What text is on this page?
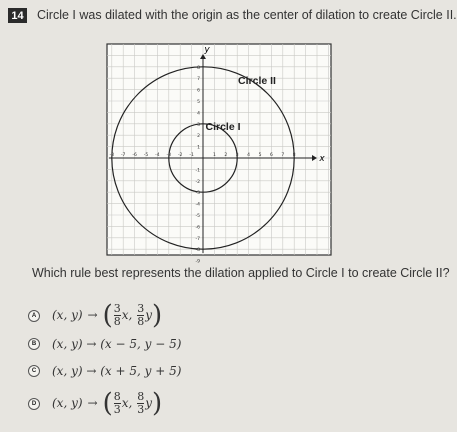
14 Circle I was dilated with the origin as the center of dilation to create Circle II.
x
y
Circle II
Circle I
-8 -7 -6 -5 -4 -3 -2 -1	1 2 3 4 5 6 7 8
8
7
6
5
4
3
2
1
-1
-2
-3
-4
-5
-6
-7
-8
-9
Which rule best represents the dilation applied to Circle I to create Circle II?
A	(x, y) → ( $\frac{3}{8} x$, $\frac{3}{8} y$)
B	(x, y) → (x − 5, y − 5)
C	(x, y) → (x + 5, y + 5)
D	(x, y) → ( $\frac{8}{3} x$, $\frac{8}{3} y$)
